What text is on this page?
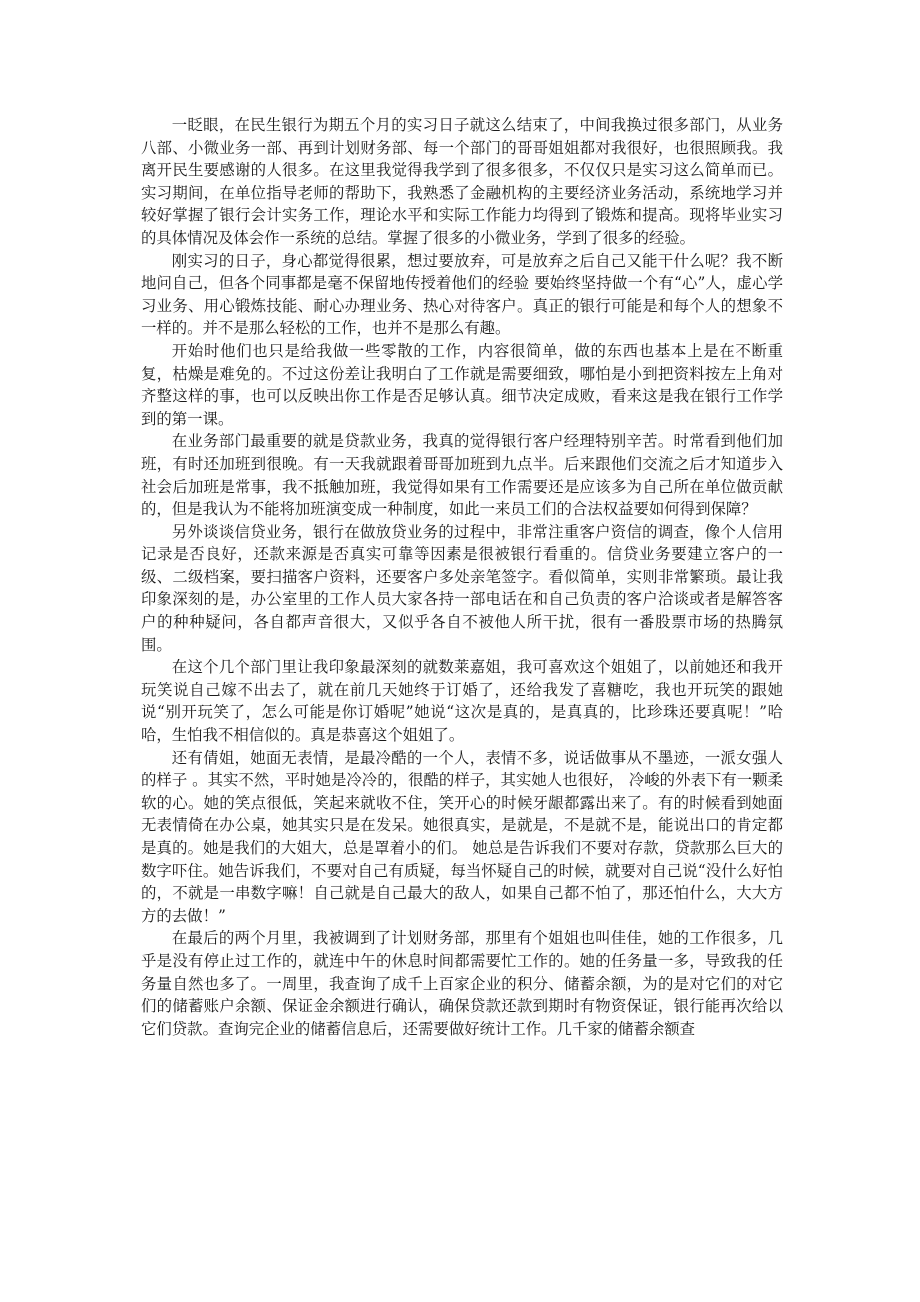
一眨眼，在民生银行为期五个月的实习日子就这么结束了，中间我换过很多部门，从业务八部、小微业务一部、再到计划财务部、每一个部门的哥哥姐姐都对我很好，也很照顾我。我离开民生要感谢的人很多。在这里我觉得我学到了很多很多，不仅仅只是实习这么简单而已。实习期间，在单位指导老师的帮助下，我熟悉了金融机构的主要经济业务活动，系统地学习并较好掌握了银行会计实务工作，理论水平和实际工作能力均得到了锻炼和提高。现将毕业实习的具体情况及体会作一系统的总结。掌握了很多的小微业务，学到了很多的经验。

刚实习的日子，身心都觉得很累，想过要放弃，可是放弃之后自己又能干什么呢？我不断地问自己，但各个同事都是毫不保留地传授着他们的经验 要始终坚持做一个有“心”人，虚心学习业务、用心锻炼技能、耐心办理业务、热心对待客户。真正的银行可能是和每个人的想象不一样的。并不是那么轻松的工作，也并不是那么有趣。

开始时他们也只是给我做一些零散的工作，内容很简单，做的东西也基本上是在不断重复，枯燥是难免的。不过这份差让我明白了工作就是需要细致，哪怕是小到把资料按左上角对齐整这样的事，也可以反映出你工作是否足够认真。细节决定成败，看来这是我在银行工作学到的第一课。

在业务部门最重要的就是贷款业务，我真的觉得银行客户经理特别辛苦。时常看到他们加班，有时还加班到很晚。有一天我就跟着哥哥加班到九点半。后来跟他们交流之后才知道步入社会后加班是常事，我不抵触加班，我觉得如果有工作需要还是应该多为自己所在单位做贡献的，但是我认为不能将加班演变成一种制度，如此一来员工们的合法权益要如何得到保障？

另外谈谈信贷业务，银行在做放贷业务的过程中，非常注重客户资信的调查，像个人信用记录是否良好，还款来源是否真实可靠等因素是很被银行看重的。信贷业务要建立客户的一级、二级档案，要扫描客户资料，还要客户多处亲笔签字。看似简单，实则非常繁琐。最让我印象深刻的是，办公室里的工作人员大家各持一部电话在和自己负责的客户洽谈或者是解答客户的种种疑问，各自都声音很大，又似乎各自不被他人所干扰，很有一番股票市场的热腾氛围。

在这个几个部门里让我印象最深刻的就数莱嘉姐，我可喜欢这个姐姐了，以前她还和我开玩笑说自己嫁不出去了，就在前几天她终于订婚了，还给我发了喜糖吃，我也开玩笑的跟她说“别开玩笑了，怎么可能是你订婚呢”她说“这次是真的，是真真的，比珍珠还要真呢！”哈哈，生怕我不相信似的。真是恭喜这个姐姐了。

还有倩姐，她面无表情，是最冷酷的一个人，表情不多，说话做事从不墨迹，一派女强人的样子 。其实不然，平时她是冷冷的，很酷的样子，其实她人也很好， 冷峻的外表下有一颗柔软的心。她的笑点很低，笑起来就收不住，笑开心的时候牙龈都露出来了。有的时候看到她面无表情倚在办公桌，她其实只是在发呆。她很真实，是就是，不是就不是，能说出口的肯定都是真的。她是我们的大姐大，总是罩着小的们。 她总是告诉我们不要对存款，贷款那么巨大的数字吓住。她告诉我们，不要对自己有质疑，每当怀疑自己的时候，就要对自己说“没什么好怕的，不就是一串数字嘛！自己就是自己最大的敌人，如果自己都不怕了，那还怕什么，大大方方的去做！”

在最后的两个月里，我被调到了计划财务部，那里有个姐姐也叫佳佳，她的工作很多，几乎是没有停止过工作的，就连中午的休息时间都需要忙工作的。她的任务量一多，导致我的任务量自然也多了。一周里，我查询了成千上百家企业的积分、储蓄余额，为的是对它们的对它们的储蓄账户余额、保证金余额进行确认，确保贷款还款到期时有物资保证，银行能再次给以它们贷款。查询完企业的储蓄信息后，还需要做好统计工作。几千家的储蓄余额查
